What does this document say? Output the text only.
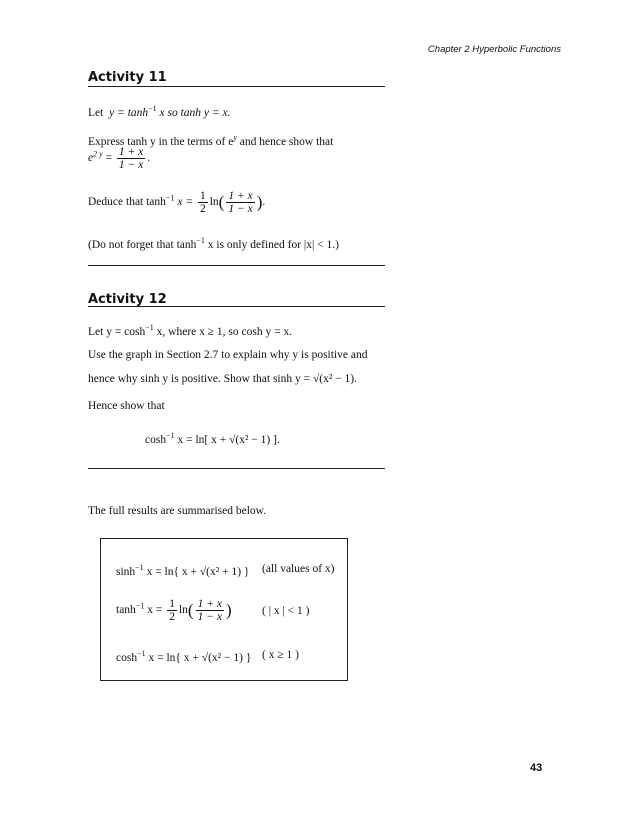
Chapter 2 Hyperbolic Functions
Activity 11
Let $y = \tanh^{-1} x$ so tanh y = x.
Express tanh y in the terms of $e^y$ and hence show that
$e^{2 y} = \frac{1 + x}{1 - x}$ .
Deduce that $\tanh^{-1} x = \frac{1}{2} \ln( \frac{1 + x}{1 - x}$ ).
(Do not forget that $\tanh^{-1} x$ is only defined for |x| < 1.)
Activity 12
Let $y = \cosh^{-1} x$, where x ≥ 1, so cosh y = x.
Use the graph in Section 2.7 to explain why y is positive and
hence why sinh y is positive. Show that sinh y = √(x² − 1).
Hence show that
$\cosh^{-1} x = \ln$[ x + √(x² − 1) ].
The full results are summarised below.
$\sinh^{-1} x = \ln${ x + √(x² + 1) } (all values of x)
$\tanh^{-1} x = \frac{1}{2} \ln( \frac{1 + x}{1 - x}$ )	( | x | < 1 )
$\cosh^{-1} x = \ln${ x + √(x² − 1) } ( x ≥ 1 )
43
